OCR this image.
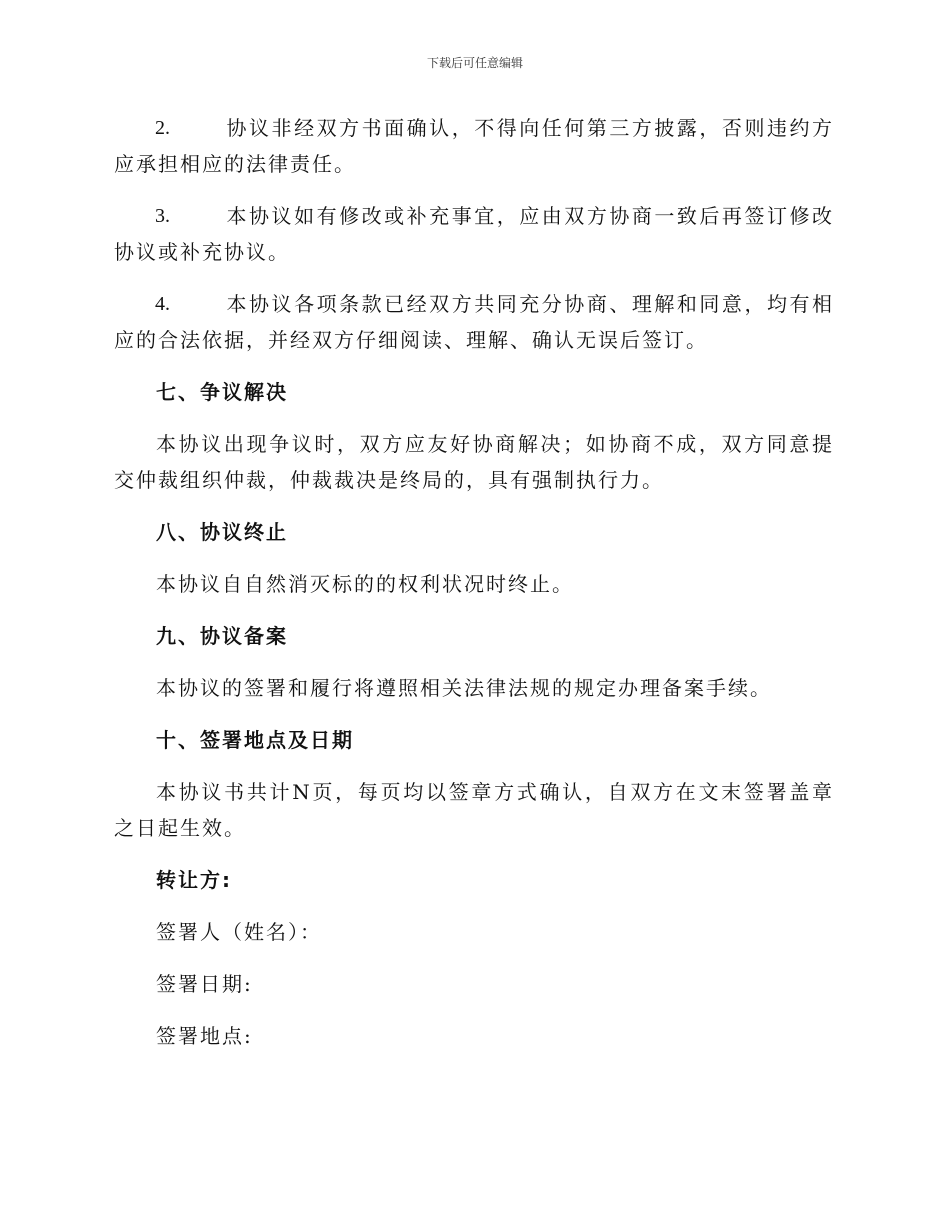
下载后可任意编辑

2.	协议非经双方书面确认，不得向任何第三方披露，否则违约方应承担相应的法律责任。

3.	本协议如有修改或补充事宜，应由双方协商一致后再签订修改协议或补充协议。

4.	本协议各项条款已经双方共同充分协商、理解和同意，均有相应的合法依据，并经双方仔细阅读、理解、确认无误后签订。

七、争议解决

本协议出现争议时，双方应友好协商解决；如协商不成，双方同意提交仲裁组织仲裁，仲裁裁决是终局的，具有强制执行力。

八、协议终止

本协议自自然消灭标的的权利状况时终止。

九、协议备案

本协议的签署和履行将遵照相关法律法规的规定办理备案手续。

十、签署地点及日期

本协议书共计N页，每页均以签章方式确认，自双方在文末签署盖章之日起生效。

转让方:
签署人（姓名）：
签署日期:
签署地点:
